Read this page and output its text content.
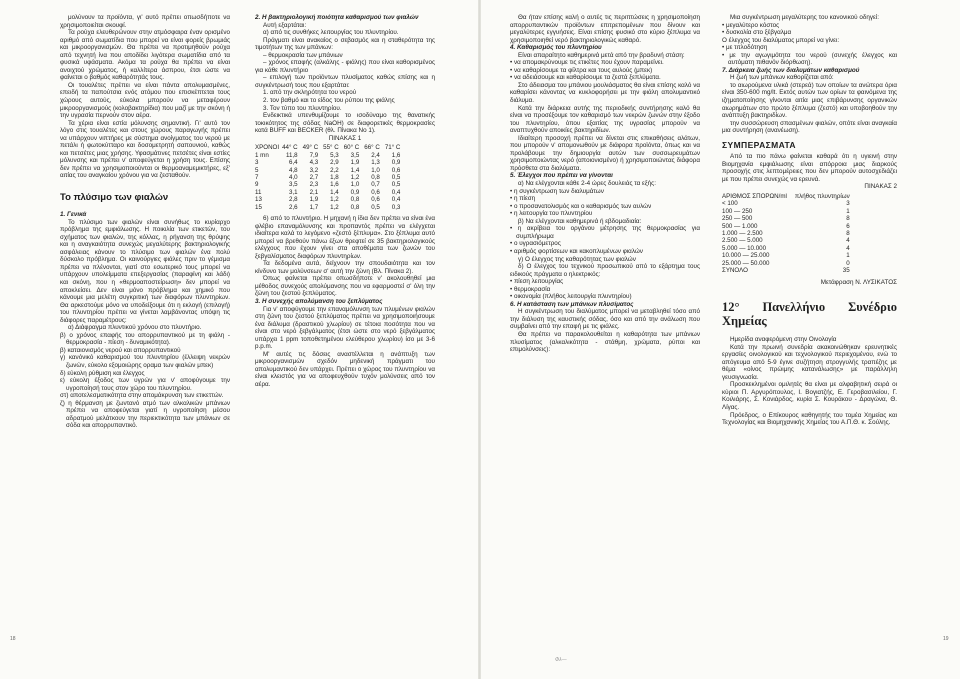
μολύνουν τα προϊόντα, γι' αυτό πρέπει οπωσδήποτε να χρησιμοποιείται σκουφί.

Τα ρούχα ελευθερώνουν στην ατμόσφαιρα έναν ορισμένο αριθμό από σωματίδια που μπορεί να είναι φορείς βρωμιάς και μικροοργανισμών. Θα πρέπει να προτιμηθούν ρούχα από τεχνητή ίνα που αποδίδει λιγότερα σωματίδια από τα φυσικά υφάσματα. Ακόμα τα ρούχα θα πρέπει να είναι ανοιχτού χρώματος, ή καλλίτερα άσπρου, έτσι ώστε να φαίνεται ο βαθμός καθαρότητάς τους.

Οι τουαλέτες πρέπει να είναι πάντα απολυμασμένες, επειδή τα παπούτσια ενός ατόμου που επισκέπτεται τους χώρους αυτούς, εύκολα μπορούν να μεταφέρουν μικροοργανισμούς (κολοβακτηρίδια) που μαζί με την σκόνη ή την υγρασία περνούν στον αέρα.

Τα χέρια είναι εστία μόλυνσης σημαντική. Γι' αυτό τον λόγο στις τουαλέτες και στους χώρους παραγωγής πρέπει να υπάρχουν νιπτήρες με σύστημα ανοίγματος του νερού με πετάλι ή φωτοκύτταρο και δοσομετρητή σαπουνιού, καθώς και πετσέτες μιας χρήσης. Υφασμάτινες πετσέτες είναι εστίες μόλυνσης και πρέπει ν' αποφεύγεται η χρήση τους. Επίσης δεν πρέπει να χρησιμοποιούνται οι θερμοαναμεμικτήρες, εξ' αιτίας του αναγκαίου χρόνου για να ζεσταθούν.

Το πλύσιμο των φιαλών

1. Γενικά

Το πλύσιμο των φιαλών είναι συνήθως το κυρίαρχο πρόβλημα της εμφιάλωσης. Η ποικιλία των ετικετών, του σχήματος των φιαλών, της κόλλας, η ρήγανση της θρύψης και η αναγκαιότητα συνεχώς μεγαλύτερης βακτηριολογικής ασφάλειας κάνουν το πλύσιμο των φιαλών ένα πολύ δύσκολο πρόβλημα. Οι καινούργιες φιάλες πριν το γέμισμα πρέπει να πλένονται, γιατί στο εσωτερικό τους μπορεί να υπάρχουν υπολείμματα επεξεργασίας (παραφίνη και λάδι) και σκόνη, που η «θερμοαποστείρωση» δεν μπορεί να αποκλείσει. Δεν είναι μόνο πρόβλημα και χημικό που κάνουμε μια μελέτη συγκριτική των διαφόρων πλυντηρίων. Θα αρκεστούμε μόνο να υποδείξουμε ότι η εκλογή (επιλογή) του πλυντηρίου πρέπει να γίνεται λαμβάνοντας υπόψη τις διάφορες παραμέτρους:

α) Διάφραγμα πλυντικού χρόνου στο πλυντήριο.

β) ο χρόνος επαφής του απορρυπαντικού με τη φιάλη - θερμοκρασία - πίεση - δυναμικότητα).

β) καταιονισμός νερού και απορρυπαντικού

γ) κανόνικό καθαρισμού του πλυντηρίου (έλλειψη νεκρών ζωνών, εύκολο εξομοιώρης οραμα των φιαλών μπεκ)

δ) εύκολη ρύθμιση και έλεγχος

ε) εύκολη έξοδος των υγρών για ν' αποφύγουμε την υγροποίησή τους στον χώρο του πλυντηρίου.

στ) αποτελεσματικότητα στην απομάκρυνση των ετικεττών.

ζ) η θέρμανση με ζωντανό ατμό των αλκαλικών μπάνιων πρέπει να αποφεύγεται γιατί η υγροποίηση μέσου αδρατμού μελάτκουν την περιεκτικότητα των μπάνιων σε σόδα και απορρυπαντικό.

2. Η βακτηριολογική ποιότητα καθαρισμού των φιαλών

Αυτή εξαρτάται:

α) από τις συνθήκες λειτουργίας του πλυντηρίου.

Πράγματι είναι ανακαίος ο σεβασμός και η σταθερότητα της τιμοτήτων της των μπάνιων:

– θερμοκρασία των μπάνιων

– χρόνος επαφής (αλκάλης - φιάλης) που είναι καθορισμένος για κάθε πλυντήριο

– επιλογή των προϊόντων πλυσίματος καθώς επίσης και η συγκέντρωσή τους που εξαρτάται:

1. από την σκληρότητα του νερού

2. τον βαθμό και το είδος του ρύπου της φιάλης

3. Τον τύπο του πλυντηρίου.

Ενδεικτικά υπενθυμίζουμε το ισοδύναμο της θανατικής τοκικότητος της σόδας NaOH) σε διαφορετικές θερμοκρασίες κατά BUFF και BECKER (θλ. Πίνακα Νο 1).

ΠΙΝΑΚΑΣ 1

ΧΡΟΝΟΙ	44° C	49° C	55° C	60° C	66° C	71° C
1 mn	11,8	7,9	5,3	3,5	2,4	1,6
3	6,4	4,3	2,9	1,9	1,3	0,9
5	4,8	3,2	2,2	1,4	1,0	0,6
7	4,0	2,7	1,8	1,2	0,8	0,5
9	3,5	2,3	1,6	1,0	0,7	0,5
11	3,1	2,1	1,4	0,9	0,6	0,4
13	2,8	1,9	1,2	0,8	0,6	0,4
15	2,6	1,7	1,2	0,8	0,5	0,3

6) από το πλυντήριο. Η μηχανή η ίδια δεν πρέπει να είναι ένα φλέβιο επαναμόλυνσης και προπαντός πρέπει να ελέγχεται ιδιαίτερα καλά το λεγόμενο «ζεστό ξέπλυμα». Στο ξέπλυμα αυτό μπορεί να βρεθούν πάνω έξων θρεφτεί σε 35 βακτηριολογικούς ελέγχους που έχουν γίνει στα αποθέματα των ζωνών του ξεβγαλίσματος διαφόρων πλυντηρίων.

Τα δεδομένα αυτά, δείχνουν την σπουδαιότητα και τον κίνδυνο των μολύνσεων σ' αυτή την ζώνη (Βλ. Πίνακα 2).

Όπως φαίνεται πρέπει οπωσδήποτε ν' ακολουθηθεί μια μέθοδος συνεχούς απολύμανσης που να εφαρμοστεί σ' όλη την ζώνη του ζεστού ξεπλύματος.

3. Η συνεχής απολύμανση του ξεπλύματος

Για ν' αποφύγουμε την επαναμόλυνση των πλυμένων φιαλών στη ζώνη του ζεστού ξεπλύματος πρέπει να χρησιμοποιήσουμε ένα διάλυμα (δραστικού χλωρίου) σε τέτοια ποσότητα που να είναι στο νερό ξεβγάλματος (έτσι ώστε στο νερό ξεβγάλματος υπάρχει 1 ppm τοποθετημένου ελεύθερου χλωρίου) ίσο με 3-6 p.p.m.

Μ' αυτές τις δόσεις αναστέλλεται η ανάπτυξη των μικροοργανισμών σχεδόν μηδενική πράγματι του απολυμαντικού δεν υπάρχει. Πρέπει ο χώρος του πλυντηρίου να είναι κλειστός για να αποφευχθούν τυχόν μολύνσεις από τον αέρα.

18

Θα ήταν επίσης καλή ο αυτές τις περιπτώσεις η χρησιμοποίηση απορρυπαντικών προϊόντων επιτρεπομένων που δίνουν και μεγαλύτερες εγγυήσεις. Είναι επίσης φυσικό στο κύριο ξέπλυμα να χρησιμοποιηθεί νερό βακτηριολογικώς καθαρό.

4. Καθαρισμός του πλυντηρίου

Είναι απαραίτητο καθημερινά μετά από την βραδυνή στάση:

• να απομακρύνουμε τις ετικέτες που έχουν παραμείνει.

• να καθαρίσουμε τα φίλτρα και τους αυλούς (μπεκ)

• να αδειάσουμε και καθαρίσουμε τα ζεστά ξεπλύματα.

Στο άδειασμα του μπάνιου μουλιάσματος θα είναι επίσης καλό να καθαρίσει κάνοντας να κυκλοφορήσει με την φιάλη απολυμαντικό διάλυμα.

Κατά την διάρκεια αυτής της περιοδικής συντήρησης καλό θα είναι να προσέξουμε τον καθαρισμό των νεκρών ζωνών στην έξοδο του πλυντηρίου, όπου εξαιτίας της υγρασίας μπορούν να αναπτυχθούν αποικίες βακτηριδίων.

Ιδιαίτερη προσοχή πρέπει να δίνεται στις επικαθήσεις αλάτων, που μπορούν ν' απομονωθούν με διάφορα προϊόντα, όπως και να προλάβουμε την δημιουργία αυτών των συσσωρευμάτων χρησιμοποιώντας νερό (αποιονισμένο) ή χρησιμοποιώντας διάφορα πρόσθετα στα διαλύματα.

5. Έλεγχοι που πρέπει να γίνονται

α) Να ελέγχονται κάθε 2-4 ώρες δουλειάς τα εξής:

• η συγκέντρωση των διαλυμάτων

• η πίεση

• ο προσανατολισμός και ο καθαρισμός των αυλών

• η λειτουργία του πλυντηρίου

β) Να ελέγχονται καθημερινά ή εβδομαδιαία:

• η ακρίβεια του οργάνου μέτρησης της θερμοκρασίας για συμπλήρωμα

• ο υγρασιόμετρος

• αριθμός φορτίσεων και κακοπλυμένων φιαλών

γ) Ο έλεγχος της καθαρότητας των φιαλών

δ) Ο έλεγχος του τεχνικού προσωπικού από το εξάρτημα τους ειδικούς πράγματα ο ηλεκτρικός:

• πίεση λειτουργίας

• θερμοκρασία

• οικονομία (πλήθος λειτουργία πλυντηρίου)

6. Η κατάσταση των μπάνιων πλυσίματος

Η συγκέντρωση του διαλύματος μπορεί να μεταβληθεί τόσο από την διάλυση της καυστικής σόδας, όσο και από την ανάλωση που συμβαίνει από την επαφή με τις φιάλες.

Θα πρέπει να παρακολουθείται η καθαρότητα των μπάνιων πλυσίματος (αλκαλικότητα - στάθμη, χρώματα, ρύποι και επιμολύνσεις):

Μια συγκέντρωση μεγαλύτερης του κανονικού οδηγεί:

• μεγαλύτερο κόστος

• δυσκολία στο ξέβγαλμα

Ο έλεγχος του διαλύματος μπορεί να γίνει:

• με τιτλοδότηση

• με την αγωγιμότητα του νερού (συνεχής έλεγχος και αυτόματη πιθανόν διόρθωση).

7. Διάρκεια ζωής των διαλυμάτων καθαρισμού

Η ζωή των μπάνιων καθορίζεται από:

το αιωρούμενα υλικά (στερεά) των οποίων τα ανώτερα όρια είναι 350-600 mg/lt. Εκτός αυτών των ορίων τα φαινόμενα της ιζηματοποίησης γίνονται αιτία μιας επιβάρυνσης οργανικών αιωρημάτων στο πρώτο ξέπλυμα (ζεστό) και υποβοηθούν την ανάπτυξη βακτηριδίων.

την συσσώρευση σπασμένων φιαλών, οπότε είναι αναγκαία μια συντήρηση (ανανέωση).

ΣΥΜΠΕΡΑΣΜΑΤΑ

Από τα πιο πάνω φαίνεται καθαρά ότι η υγιεινή στην Βιομηχανία εμφιάλωσης είναι απόρροια μιας διαρκούς προσοχής στις λεπτομέρειες που δεν μπορούν αυτοσχεδιάζει με που πρέπει συνεχώς να ερευνά.

ΠΙΝΑΚΑΣ 2

ΑΡΙΘΜΟΣ ΣΠΟΡΩΝ/ml	πλήθος πλυντηρίων
< 100	3
100 — 250	1
250 — 500	8
500 — 1.000	6
1.000 — 2.500	8
2.500 — 5.000	4
5.000 — 10.000	4
10.000 — 25.000	1
25.000 — 50.000	0
ΣΥΝΟΛΟ	35

Μετάφραση Ν. ΛΥΣΙΚΑΤΟΣ

12° Πανελλήνιο Συνέδριο Χημείας

Ημερίδα αναφερόμενη στην Οινολογία

Κατά την πρωινή συνεδρία ακακοινώθηκαν ερευνητικές εργασίες οινολογικού και τεχνολογικού περιεχομένου, ενώ το απόγευμα από 5-9 έγινε συζήτηση στρογγυλής τραπέζης με θέμα «οίνος πρώιμης κατανάλωσης» με παράλληλη γευσιγνωσία.

Προσκεκλημένοι ομιλητές θα είναι με αλφαβητική σειρά οι κύριοι Π. Αργυρόπουλος, Ι. Βογιατζής, Ε. Γεροβασιλείου, Γ. Κοιλιάρης, Σ. Κονιάρδος, κυρία Σ. Κουράκου - Δραγώνα, Θ. Λίγας.

Πρόεδρος, ο Επίκουρος καθηγητής του τομέα Χημείας και Τεχνολογίας και Βιομηχανικής Χημείας του Α.Π.Θ. κ. Σούλης.

19
Φλ—
